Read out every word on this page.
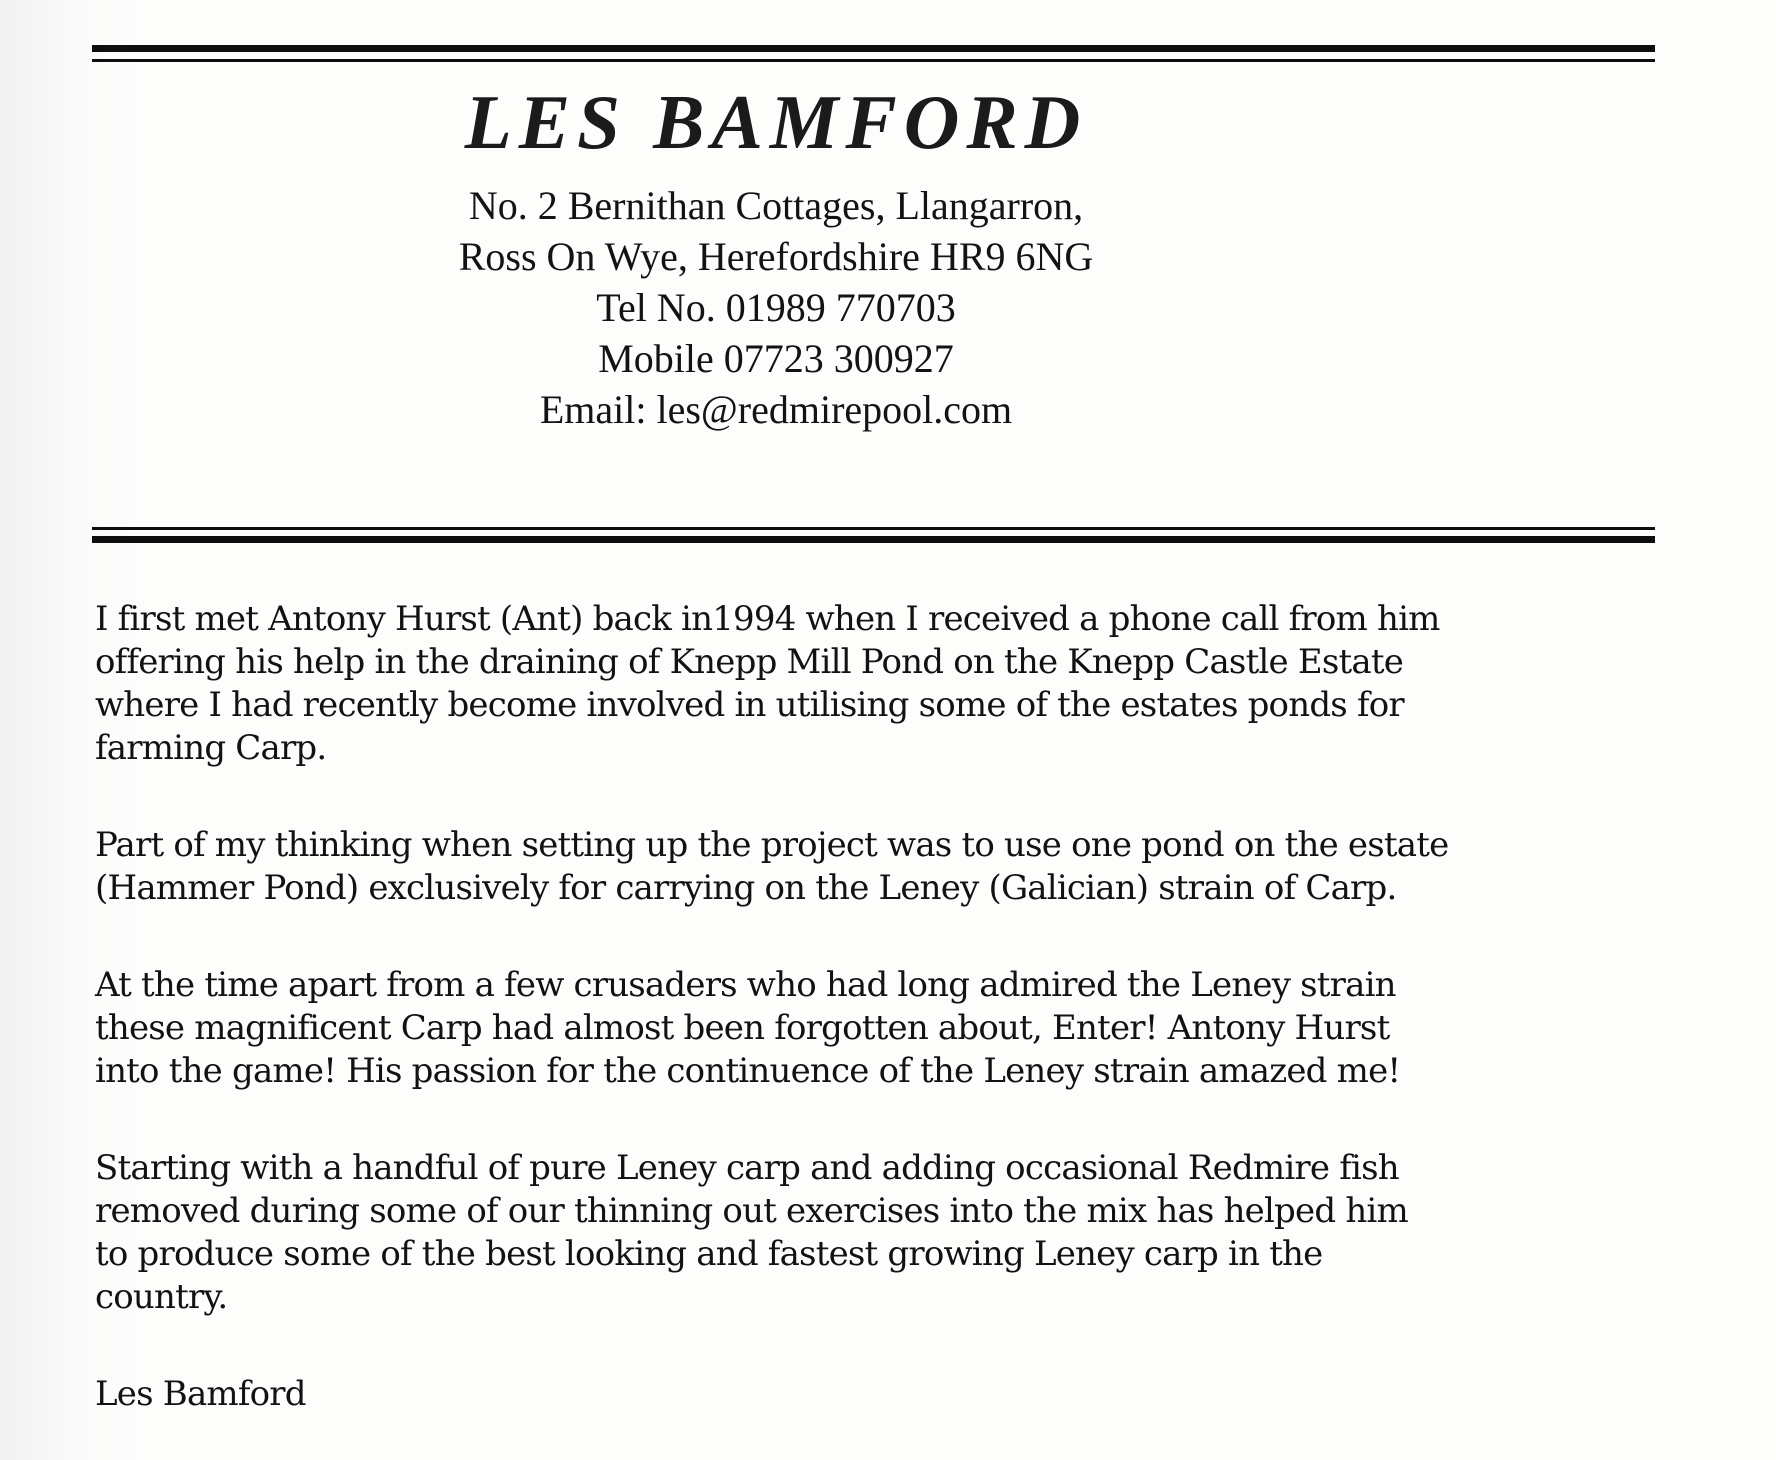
LES BAMFORD
No. 2 Bernithan Cottages, Llangarron,
Ross On Wye, Herefordshire HR9 6NG
Tel No. 01989 770703
Mobile 07723 300927
Email: les@redmirepool.com
I first met Antony Hurst (Ant) back in1994 when I received a phone call from him
offering his help in the draining of Knepp Mill Pond on the Knepp Castle Estate
where I had recently become involved in utilising some of the estates ponds for
farming Carp.
Part of my thinking when setting up the project was to use one pond on the estate
(Hammer Pond) exclusively for carrying on the Leney (Galician) strain of Carp.
At the time apart from a few crusaders who had long admired the Leney strain
these magnificent Carp had almost been forgotten about, Enter! Antony Hurst
into the game! His passion for the continuence of the Leney strain amazed me!
Starting with a handful of pure Leney carp and adding occasional Redmire fish
removed during some of our thinning out exercises into the mix has helped him
to produce some of the best looking and fastest growing Leney carp in the
country.
Les Bamford
